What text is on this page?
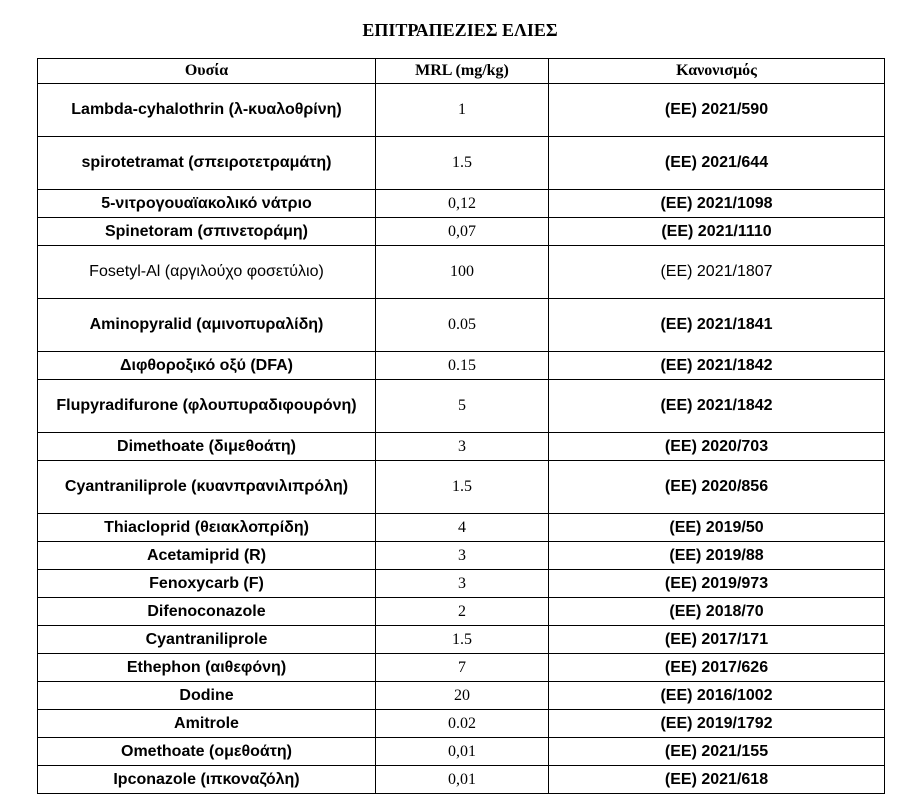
ΕΠΙΤΡΑΠΕΖΙΕΣ ΕΛΙΕΣ
Ουσία	MRL (mg/kg)	Κανονισμός
Lambda-cyhalothrin (λ-κυαλοθρίνη)	1	(ΕΕ) 2021/590
spirotetramat (σπειροτετραμάτη)	1.5	(ΕΕ) 2021/644
5-νιτρογουαϊακολικό νάτριο	0,12	(ΕΕ) 2021/1098
Spinetoram (σπινετοράμη)	0,07	(ΕΕ) 2021/1110
Fosetyl-Al (αργιλούχο φοσετύλιο)	100	(ΕΕ) 2021/1807
Aminopyralid (αμινοπυραλίδη)	0.05	(ΕΕ) 2021/1841
Διφθοροξικό οξύ (DFA)	0.15	(ΕΕ) 2021/1842
Flupyradifurone (φλουπυραδιφουρόνη)	5	(ΕΕ) 2021/1842
Dimethoate (διμεθοάτη)	3	(ΕΕ) 2020/703
Cyantraniliprole (κυανπρανιλιπρόλη)	1.5	(ΕΕ) 2020/856
Thiacloprid (θειακλοπρίδη)	4	(ΕΕ) 2019/50
Acetamiprid (R)	3	(ΕΕ) 2019/88
Fenoxycarb (F)	3	(ΕΕ) 2019/973
Difenoconazole	2	(ΕΕ) 2018/70
Cyantraniliprole	1.5	(ΕΕ) 2017/171
Ethephon (αιθεφόνη)	7	(ΕΕ) 2017/626
Dodine	20	(ΕΕ) 2016/1002
Amitrole	0.02	(ΕΕ) 2019/1792
Omethoate (ομεθοάτη)	0,01	(ΕΕ) 2021/155
Ipconazole (ιπκοναζόλη)	0,01	(ΕΕ) 2021/618
